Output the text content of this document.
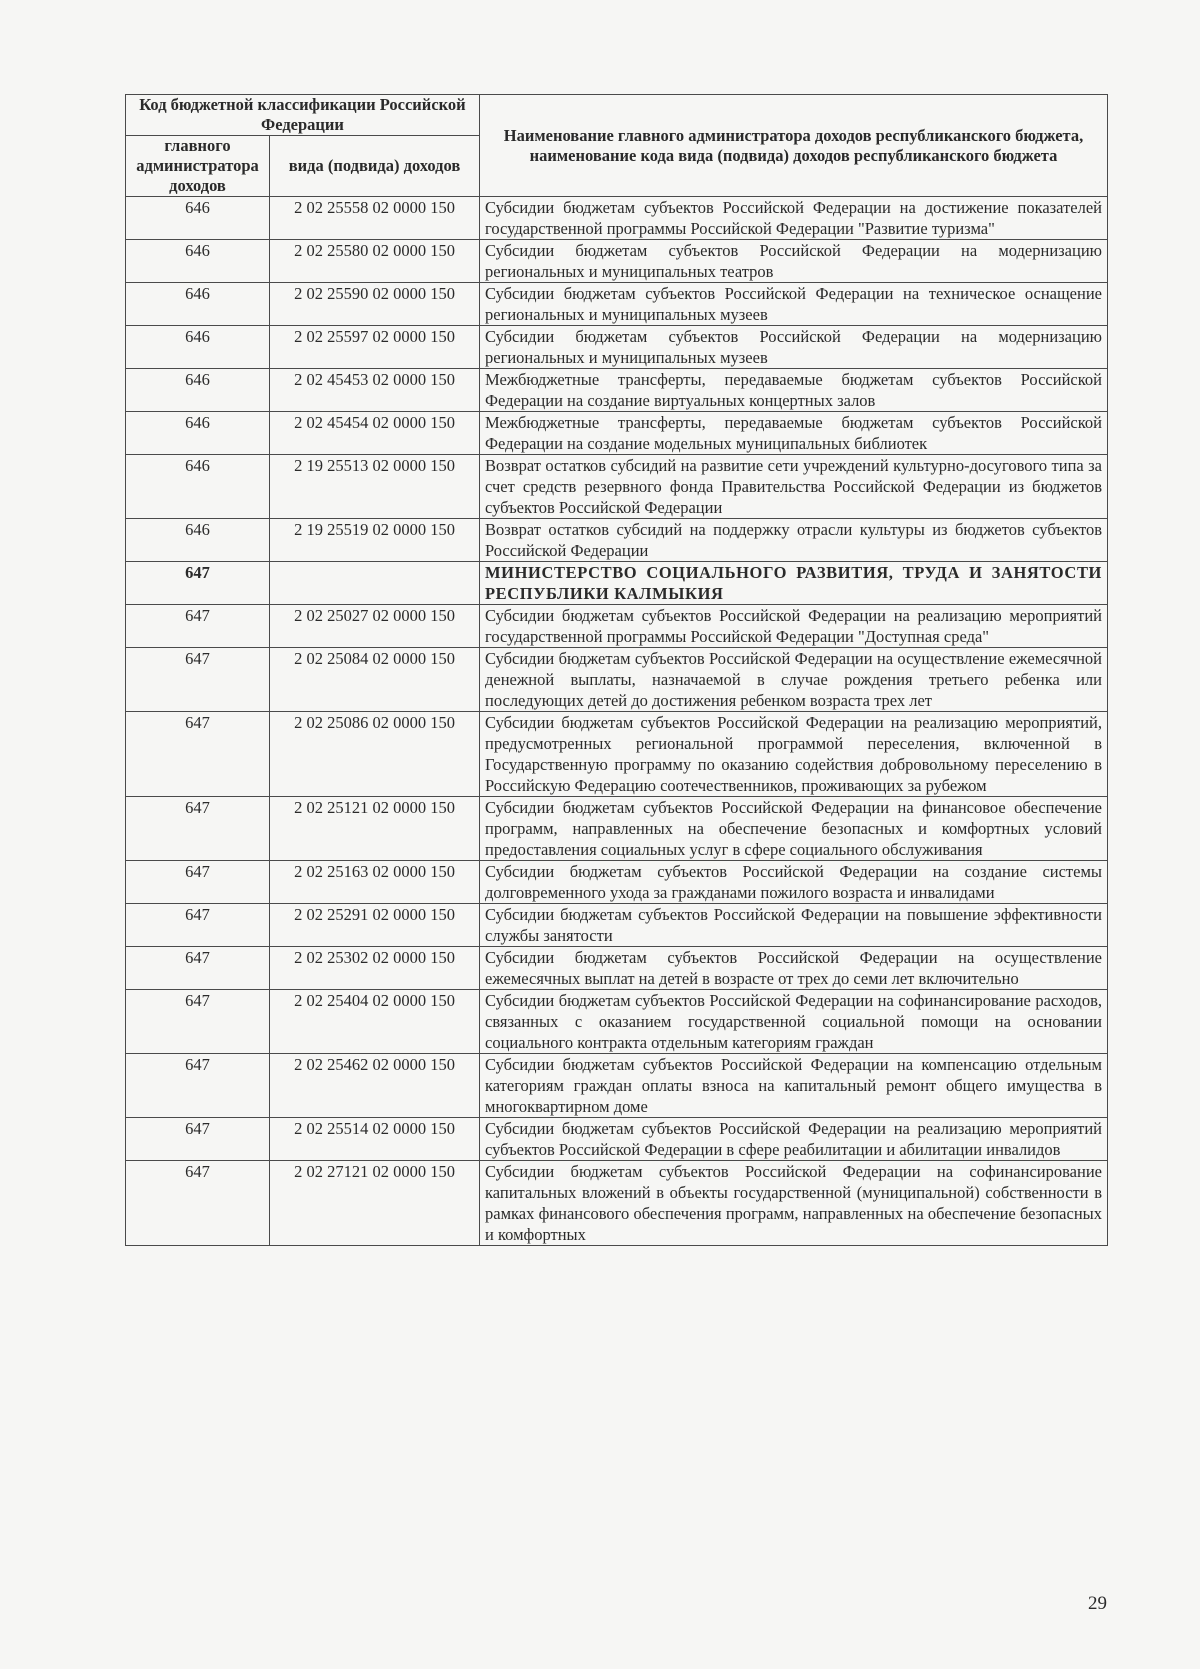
Код бюджетной классификации Российской Федерации		Наименование главного администратора доходов республиканского бюджета, наименование кода вида (подвида) доходов республиканского бюджета
главного администратора доходов	вида (подвида) доходов	
646	2 02 25558 02 0000 150	Субсидии бюджетам субъектов Российской Федерации на достижение показателей государственной программы Российской Федерации "Развитие туризма"
646	2 02 25580 02 0000 150	Субсидии бюджетам субъектов Российской Федерации на модернизацию региональных и муниципальных театров
646	2 02 25590 02 0000 150	Субсидии бюджетам субъектов Российской Федерации на техническое оснащение региональных и муниципальных музеев
646	2 02 25597 02 0000 150	Субсидии бюджетам субъектов Российской Федерации на модернизацию региональных и муниципальных музеев
646	2 02 45453 02 0000 150	Межбюджетные трансферты, передаваемые бюджетам субъектов Российской Федерации на создание виртуальных концертных залов
646	2 02 45454 02 0000 150	Межбюджетные трансферты, передаваемые бюджетам субъектов Российской Федерации на создание модельных муниципальных библиотек
646	2 19 25513 02 0000 150	Возврат остатков субсидий на развитие сети учреждений культурно-досугового типа за счет средств резервного фонда Правительства Российской Федерации из бюджетов субъектов Российской Федерации
646	2 19 25519 02 0000 150	Возврат остатков субсидий на поддержку отрасли культуры из бюджетов субъектов Российской Федерации
647		МИНИСТЕРСТВО СОЦИАЛЬНОГО РАЗВИТИЯ, ТРУДА И ЗАНЯТОСТИ РЕСПУБЛИКИ КАЛМЫКИЯ
647	2 02 25027 02 0000 150	Субсидии бюджетам субъектов Российской Федерации на реализацию мероприятий государственной программы Российской Федерации "Доступная среда"
647	2 02 25084 02 0000 150	Субсидии бюджетам субъектов Российской Федерации на осуществление ежемесячной денежной выплаты, назначаемой в случае рождения третьего ребенка или последующих детей до достижения ребенком возраста трех лет
647	2 02 25086 02 0000 150	Субсидии бюджетам субъектов Российской Федерации на реализацию мероприятий, предусмотренных региональной программой переселения, включенной в Государственную программу по оказанию содействия добровольному переселению в Российскую Федерацию соотечественников, проживающих за рубежом
647	2 02 25121 02 0000 150	Субсидии бюджетам субъектов Российской Федерации на финансовое обеспечение программ, направленных на обеспечение безопасных и комфортных условий предоставления социальных услуг в сфере социального обслуживания
647	2 02 25163 02 0000 150	Субсидии бюджетам субъектов Российской Федерации на создание системы долговременного ухода за гражданами пожилого возраста и инвалидами
647	2 02 25291 02 0000 150	Субсидии бюджетам субъектов Российской Федерации на повышение эффективности службы занятости
647	2 02 25302 02 0000 150	Субсидии бюджетам субъектов Российской Федерации на осуществление ежемесячных выплат на детей в возрасте от трех до семи лет включительно
647	2 02 25404 02 0000 150	Субсидии бюджетам субъектов Российской Федерации на софинансирование расходов, связанных с оказанием государственной социальной помощи на основании социального контракта отдельным категориям граждан
647	2 02 25462 02 0000 150	Субсидии бюджетам субъектов Российской Федерации на компенсацию отдельным категориям граждан оплаты взноса на капитальный ремонт общего имущества в многоквартирном доме
647	2 02 25514 02 0000 150	Субсидии бюджетам субъектов Российской Федерации на реализацию мероприятий субъектов Российской Федерации в сфере реабилитации и абилитации инвалидов
647	2 02 27121 02 0000 150	Субсидии бюджетам субъектов Российской Федерации на софинансирование капитальных вложений в объекты государственной (муниципальной) собственности в рамках финансового обеспечения программ, направленных на обеспечение безопасных и комфортных
29
